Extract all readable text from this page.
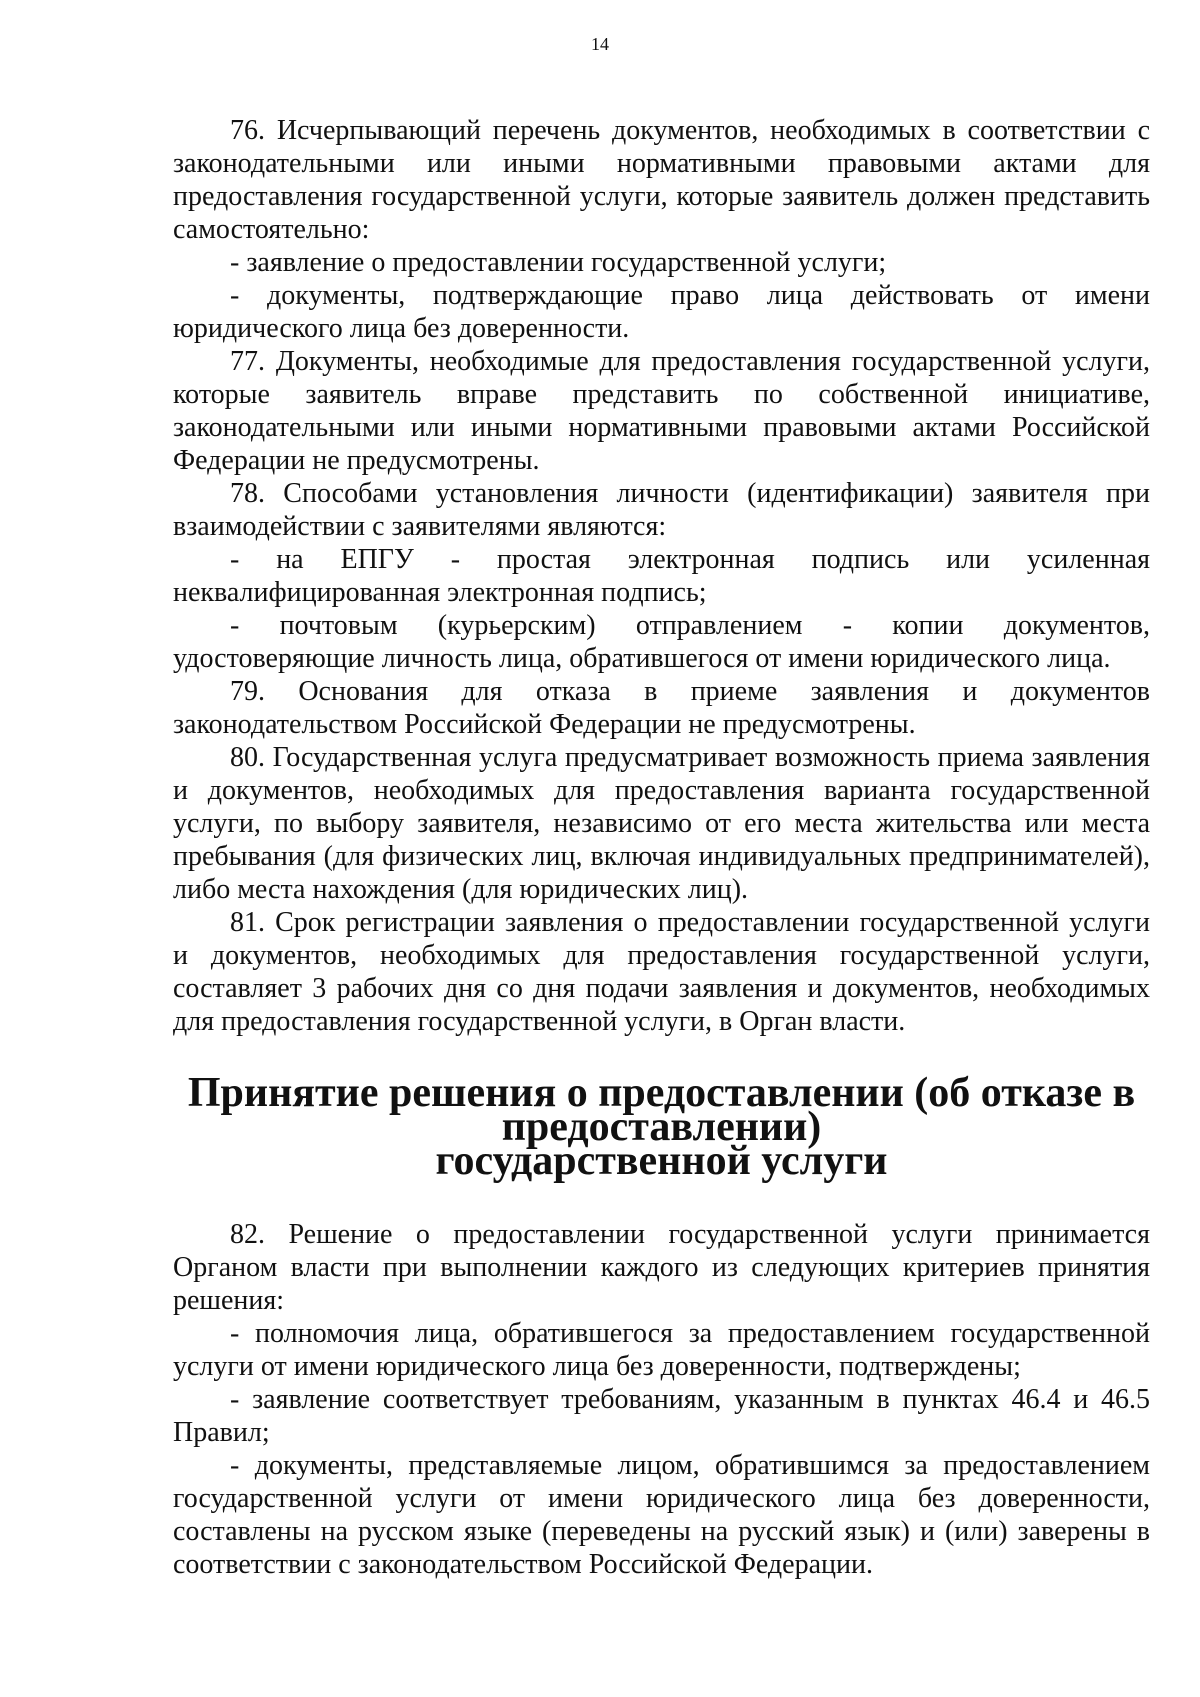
14

76. Исчерпывающий перечень документов, необходимых в соответствии с законодательными или иными нормативными правовыми актами для предоставления государственной услуги, которые заявитель должен представить самостоятельно:

- заявление о предоставлении государственной услуги;

- документы, подтверждающие право лица действовать от имени юридического лица без доверенности.

77. Документы, необходимые для предоставления государственной услуги, которые заявитель вправе представить по собственной инициативе, законодательными или иными нормативными правовыми актами Российской Федерации не предусмотрены.

78. Способами установления личности (идентификации) заявителя при взаимодействии с заявителями являются:

- на ЕПГУ - простая электронная подпись или усиленная неквалифицированная электронная подпись;

- почтовым (курьерским) отправлением - копии документов, удостоверяющие личность лица, обратившегося от имени юридического лица.

79. Основания для отказа в приеме заявления и документов законодательством Российской Федерации не предусмотрены.

80. Государственная услуга предусматривает возможность приема заявления и документов, необходимых для предоставления варианта государственной услуги, по выбору заявителя, независимо от его места жительства или места пребывания (для физических лиц, включая индивидуальных предпринимателей), либо места нахождения (для юридических лиц).

81. Срок регистрации заявления о предоставлении государственной услуги и документов, необходимых для предоставления государственной услуги, составляет 3 рабочих дня со дня подачи заявления и документов, необходимых для предоставления государственной услуги, в Орган власти.

Принятие решения о предоставлении (об отказе в предоставлении)
государственной услуги

82. Решение о предоставлении государственной услуги принимается Органом власти при выполнении каждого из следующих критериев принятия решения:

- полномочия лица, обратившегося за предоставлением государственной услуги от имени юридического лица без доверенности, подтверждены;

- заявление соответствует требованиям, указанным в пунктах 46.4 и 46.5 Правил;

- документы, представляемые лицом, обратившимся за предоставлением государственной услуги от имени юридического лица без доверенности, составлены на русском языке (переведены на русский язык) и (или) заверены в соответствии с законодательством Российской Федерации.
